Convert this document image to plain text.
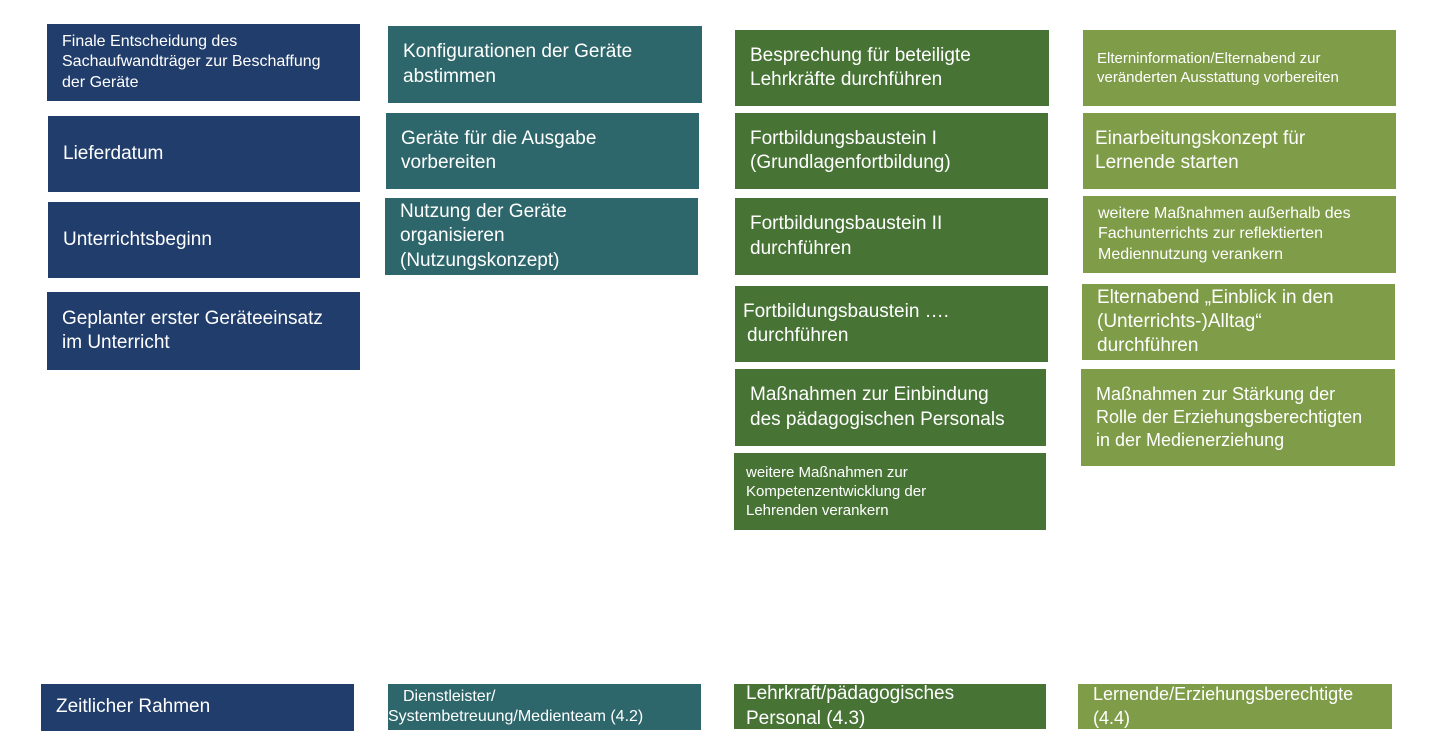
Finale Entscheidung des
Sachaufwandträger zur Beschaffung
der Geräte
Lieferdatum
Unterrichtsbeginn
Geplanter erster Geräteeinsatz
im Unterricht
Zeitlicher Rahmen
Konfigurationen der Geräte
abstimmen
Geräte für die Ausgabe
vorbereiten
Nutzung der Geräte
organisieren
(Nutzungskonzept)
Dienstleister/
Systembetreuung/Medienteam (4.2)
Besprechung für beteiligte
Lehrkräfte durchführen
Fortbildungsbaustein I
(Grundlagenfortbildung)
Fortbildungsbaustein II
durchführen
Fortbildungsbaustein ….
durchführen
Maßnahmen zur Einbindung
des pädagogischen Personals
weitere Maßnahmen zur
Kompetenzentwicklung der
Lehrenden verankern
Lehrkraft/pädagogisches
Personal (4.3)
Elterninformation/Elternabend zur
veränderten Ausstattung vorbereiten
Einarbeitungskonzept für
Lernende starten
weitere Maßnahmen außerhalb des
Fachunterrichts zur reflektierten
Mediennutzung verankern
Elternabend „Einblick in den
(Unterrichts-)Alltag“
durchführen
Maßnahmen zur Stärkung der
Rolle der Erziehungsberechtigten
in der Medienerziehung
Lernende/Erziehungsberechtigte
(4.4)
